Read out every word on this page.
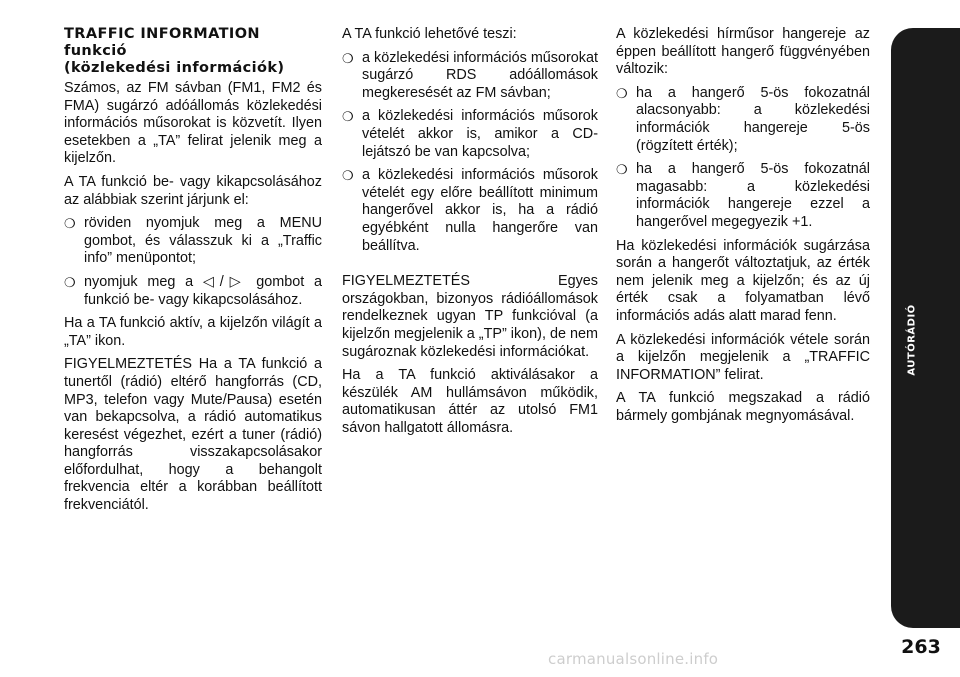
TRAFFIC INFORMATION
funkció
(közlekedési információk)

Számos, az FM sávban (FM1, FM2 és FMA) sugárzó adóállomás közlekedési információs műsorokat is közvetít. Ilyen esetekben a „TA” felirat jelenik meg a kijelzőn.

A TA funkció be- vagy kikapcsolásához az alábbiak szerint járjunk el:

❍ röviden nyomjuk meg a MENU gombot, és válasszuk ki a „Traffic info” menüpontot;
❍ nyomjuk meg a ◁/▷ gombot a funkció be- vagy kikapcsolásához.

Ha a TA funkció aktív, a kijelzőn világít a „TA” ikon.

FIGYELMEZTETÉS Ha a TA funkció a tunertől (rádió) eltérő hangforrás (CD, MP3, telefon vagy Mute/Pausa) esetén van bekapcsolva, a rádió automatikus keresést végezhet, ezért a tuner (rádió) hangforrás visszakapcsolásakor előfordulhat, hogy a behangolt frekvencia eltér a korábban beállított frekvenciától.

A TA funkció lehetővé teszi:

❍ a közlekedési információs műsorokat sugárzó RDS adóállomások megkeresését az FM sávban;
❍ a közlekedési információs műsorok vételét akkor is, amikor a CD-lejátszó be van kapcsolva;
❍ a közlekedési információs műsorok vételét egy előre beállított minimum hangerővel akkor is, ha a rádió egyébként nulla hangerőre van beállítva.

FIGYELMEZTETÉS Egyes országokban, bizonyos rádióállomások rendelkeznek ugyan TP funkcióval (a kijelzőn megjelenik a „TP” ikon), de nem sugároznak közlekedési információkat.

Ha a TA funkció aktiválásakor a készülék AM hullámsávon működik, automatikusan áttér az utolsó FM1 sávon hallgatott állomásra.

A közlekedési hírműsor hangereje az éppen beállított hangerő függvényében változik:

❍ ha a hangerő 5-ös fokozatnál alacsonyabb: a közlekedési információk hangereje 5-ös (rögzített érték);
❍ ha a hangerő 5-ös fokozatnál magasabb: a közlekedési információk hangereje ezzel a hangerővel megegyezik +1.

Ha közlekedési információk sugárzása során a hangerőt változtatjuk, az érték nem jelenik meg a kijelzőn; és az új érték csak a folyamatban lévő információs adás alatt marad fenn.

A közlekedési információk vétele során a kijelzőn megjelenik a „TRAFFIC INFORMATION” felirat.

A TA funkció megszakad a rádió bármely gombjának megnyomásával.

AUTÓRÁDIÓ
263
carmanualsonline.info
